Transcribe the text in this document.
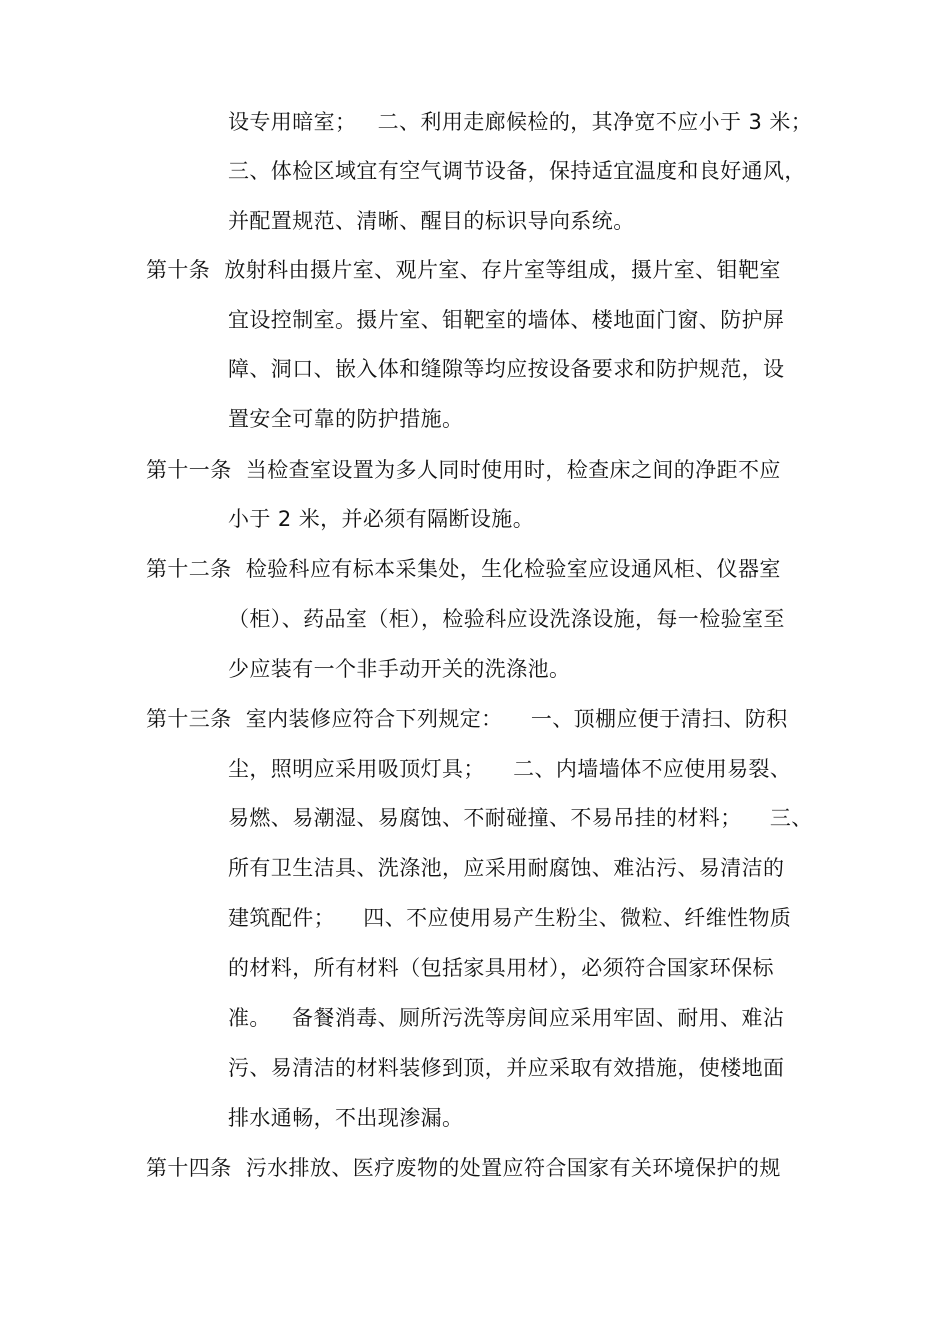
设专用暗室；   二、利用走廊候检的，其净宽不应小于 3 米；
三、体检区域宜有空气调节设备，保持适宜温度和良好通风，
并配置规范、清晰、醒目的标识导向系统。
第十条  放射科由摄片室、观片室、存片室等组成，摄片室、钼靶室
宜设控制室。摄片室、钼靶室的墙体、楼地面门窗、防护屏
障、洞口、嵌入体和缝隙等均应按设备要求和防护规范，设
置安全可靠的防护措施。
第十一条  当检查室设置为多人同时使用时，检查床之间的净距不应
小于 2 米，并必须有隔断设施。
第十二条  检验科应有标本采集处，生化检验室应设通风柜、仪器室
（柜）、药品室（柜），检验科应设洗涤设施，每一检验室至
少应装有一个非手动开关的洗涤池。
第十三条  室内装修应符合下列规定：    一、顶棚应便于清扫、防积
尘，照明应采用吸顶灯具；    二、内墙墙体不应使用易裂、
易燃、易潮湿、易腐蚀、不耐碰撞、不易吊挂的材料；    三、
所有卫生洁具、洗涤池，应采用耐腐蚀、难沾污、易清洁的
建筑配件；    四、不应使用易产生粉尘、微粒、纤维性物质
的材料，所有材料（包括家具用材），必须符合国家环保标
准。   备餐消毒、厕所污洗等房间应采用牢固、耐用、难沾
污、易清洁的材料装修到顶，并应采取有效措施，使楼地面
排水通畅，不出现渗漏。
第十四条  污水排放、医疗废物的处置应符合国家有关环境保护的规
